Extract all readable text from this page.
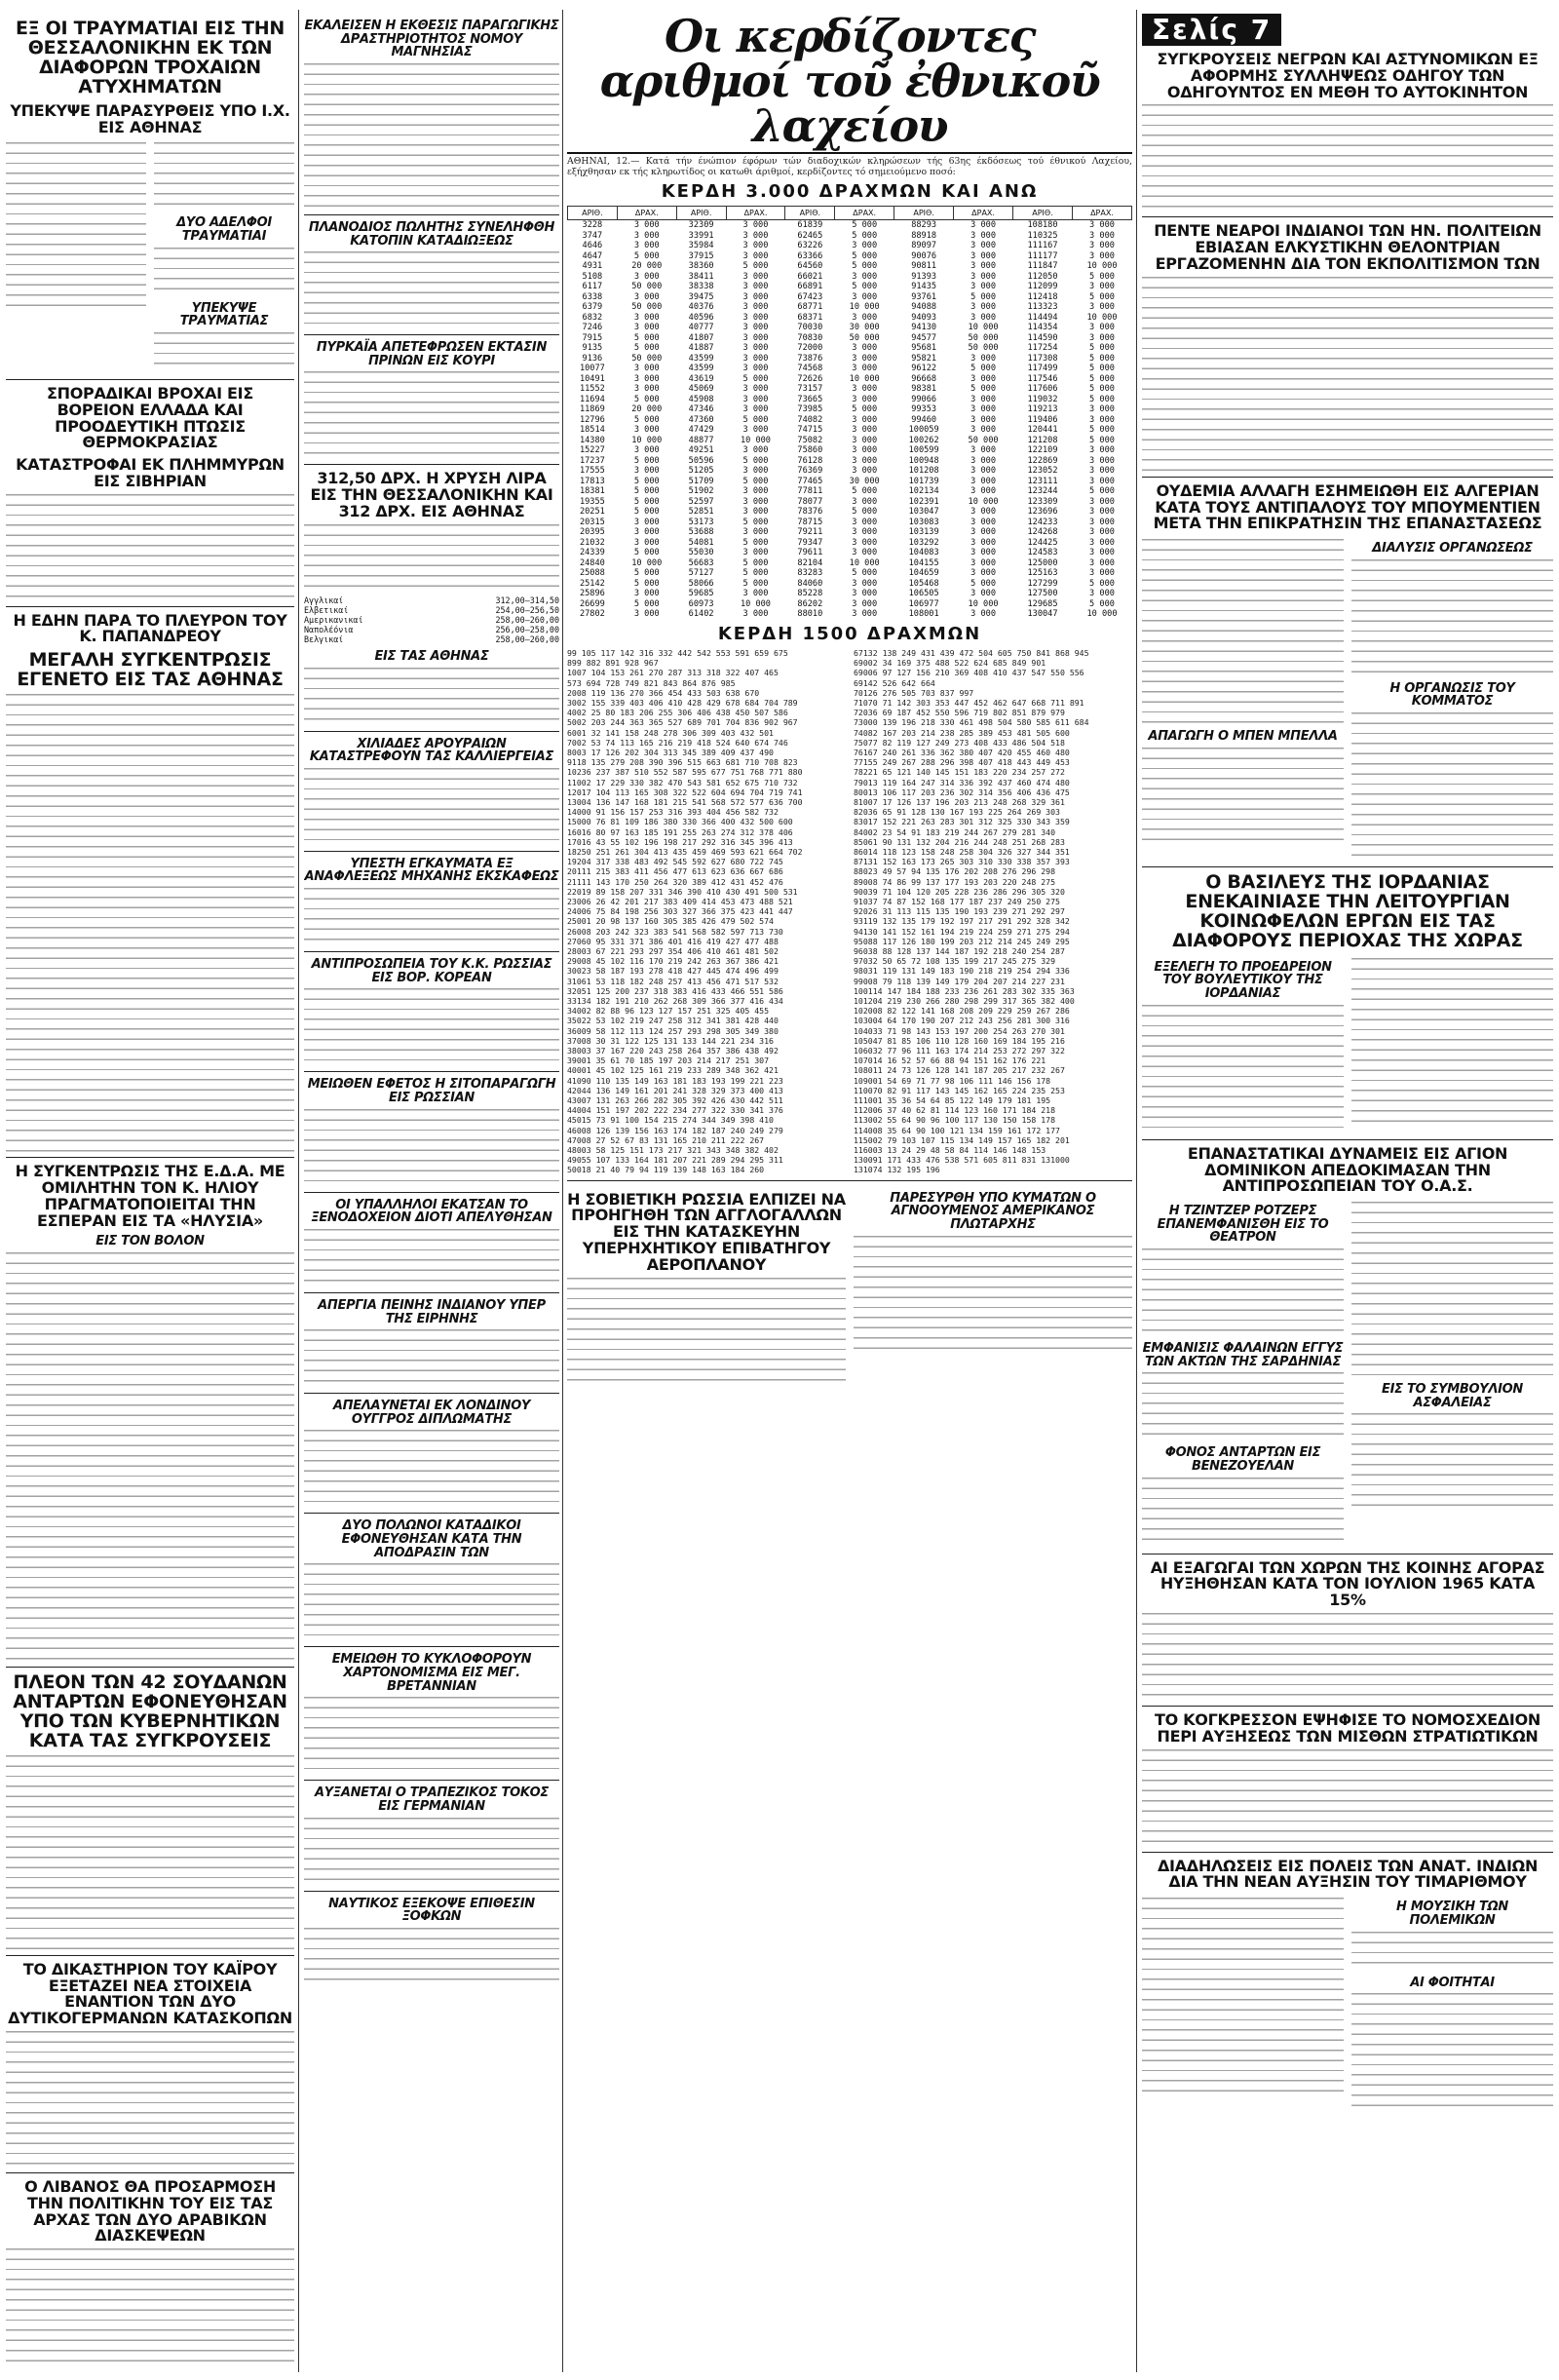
ΕΞ ΟΙ ΤΡΑΥΜΑΤΙΑΙ ΕΙΣ ΤΗΝ ΘΕΣΣΑΛΟΝΙΚΗΝ ΕΚ ΤΩΝ ΔΙΑΦΟΡΩΝ ΤΡΟΧΑΙΩΝ ΑΤΥΧΗΜΑΤΩΝ
ΥΠΕΚΥΨΕ ΠΑΡΑΣΥΡΘΕΙΣ ΥΠΟ Ι.Χ. ΕΙΣ ΑΘΗΝΑΣ
ΔΥΟ ΑΔΕΛΦΟΙ ΤΡΑΥΜΑΤΙΑΙ
ΥΠΕΚΥΨΕ ΤΡΑΥΜΑΤΙΑΣ
ΣΠΟΡΑΔΙΚΑΙ ΒΡΟΧΑΙ ΕΙΣ ΒΟΡΕΙΟΝ ΕΛΛΑΔΑ ΚΑΙ ΠΡΟΟΔΕΥΤΙΚΗ ΠΤΩΣΙΣ ΘΕΡΜΟΚΡΑΣΙΑΣ
ΚΑΤΑΣΤΡΟΦΑΙ ΕΚ ΠΛΗΜΜΥΡΩΝ ΕΙΣ ΣΙΒΗΡΙΑΝ
Η ΕΔΗΝ ΠΑΡΑ ΤΟ ΠΛΕΥΡΟΝ ΤΟΥ Κ. ΠΑΠΑΝΔΡΕΟΥ
ΜΕΓΑΛΗ ΣΥΓΚΕΝΤΡΩΣΙΣ ΕΓΕΝΕΤΟ ΕΙΣ ΤΑΣ ΑΘΗΝΑΣ
Η ΣΥΓΚΕΝΤΡΩΣΙΣ ΤΗΣ Ε.Δ.Α. ΜΕ ΟΜΙΛΗΤΗΝ ΤΟΝ Κ. ΗΛΙΟΥ ΠΡΑΓΜΑΤΟΠΟΙΕΙΤΑΙ ΤΗΝ ΕΣΠΕΡΑΝ ΕΙΣ ΤΑ «ΗΛΥΣΙΑ»
ΕΙΣ ΤΟΝ ΒΟΛΟΝ
ΠΛΕΟΝ ΤΩΝ 42 ΣΟΥΔΑΝΩΝ ΑΝΤΑΡΤΩΝ ΕΦΟΝΕΥΘΗΣΑΝ ΥΠΟ ΤΩΝ ΚΥΒΕΡΝΗΤΙΚΩΝ ΚΑΤΑ ΤΑΣ ΣΥΓΚΡΟΥΣΕΙΣ
ΤΟ ΔΙΚΑΣΤΗΡΙΟΝ ΤΟΥ ΚΑΪΡΟΥ ΕΞΕΤΑΖΕΙ ΝΕΑ ΣΤΟΙΧΕΙΑ ΕΝΑΝΤΙΟΝ ΤΩΝ ΔΥΟ ΔΥΤΙΚΟΓΕΡΜΑΝΩΝ ΚΑΤΑΣΚΟΠΩΝ
Ο ΛΙΒΑΝΟΣ ΘΑ ΠΡΟΣΑΡΜΟΣΗ ΤΗΝ ΠΟΛΙΤΙΚΗΝ ΤΟΥ ΕΙΣ ΤΑΣ ΑΡΧΑΣ ΤΩΝ ΔΥΟ ΑΡΑΒΙΚΩΝ ΔΙΑΣΚΕΨΕΩΝ
ΕΚΑΛΕΙΣΕΝ Η ΕΚΘΕΣΙΣ ΠΑΡΑΓΩΓΙΚΗΣ ΔΡΑΣΤΗΡΙΟΤΗΤΟΣ ΝΟΜΟΥ ΜΑΓΝΗΣΙΑΣ
ΠΛΑΝΟΔΙΟΣ ΠΩΛΗΤΗΣ ΣΥΝΕΛΗΦΘΗ ΚΑΤΟΠΙΝ ΚΑΤΑΔΙΩΞΕΩΣ
ΠΥΡΚΑΪΑ ΑΠΕΤΕΦΡΩΣΕΝ ΕΚΤΑΣΙΝ ΠΡΙΝΩΝ ΕΙΣ ΚΟΥΡΙ
312,50 ΔΡΧ. Η ΧΡΥΣΗ ΛΙΡΑ ΕΙΣ ΤΗΝ ΘΕΣΣΑΛΟΝΙΚΗΝ ΚΑΙ 312 ΔΡΧ. ΕΙΣ ΑΘΗΝΑΣ
Αγγλικαί	312,00—314,50
Ελβετικαί	254,00—256,50
Αμερικανικαί	258,00—260,00
Ναπολέόνια	256,00—258,00
Βελγικαί	258,00—260,00
ΕΙΣ ΤΑΣ ΑΘΗΝΑΣ
ΧΙΛΙΑΔΕΣ ΑΡΟΥΡΑΙΩΝ ΚΑΤΑΣΤΡΕΦΟΥΝ ΤΑΣ ΚΑΛΛΙΕΡΓΕΙΑΣ
ΥΠΕΣΤΗ ΕΓΚΑΥΜΑΤΑ ΕΞ ΑΝΑΦΛΕΞΕΩΣ ΜΗΧΑΝΗΣ ΕΚΣΚΑΦΕΩΣ
ΑΝΤΙΠΡΟΣΩΠΕΙΑ ΤΟΥ Κ.Κ. ΡΩΣΣΙΑΣ ΕΙΣ ΒΟΡ. ΚΟΡΕΑΝ
ΜΕΙΩΘΕΝ ΕΦΕΤΟΣ Η ΣΙΤΟΠΑΡΑΓΩΓΗ ΕΙΣ ΡΩΣΣΙΑΝ
ΟΙ ΥΠΑΛΛΗΛΟΙ ΕΚΑΤΣΑΝ ΤΟ ΞΕΝΟΔΟΧΕΙΟΝ ΔΙΟΤΙ ΑΠΕΛΥΘΗΣΑΝ
ΑΠΕΡΓΙΑ ΠΕΙΝΗΣ ΙΝΔΙΑΝΟΥ ΥΠΕΡ ΤΗΣ ΕΙΡΗΝΗΣ
ΑΠΕΛΑΥΝΕΤΑΙ ΕΚ ΛΟΝΔΙΝΟΥ ΟΥΓΓΡΟΣ ΔΙΠΛΩΜΑΤΗΣ
ΔΥΟ ΠΟΛΩΝΟΙ ΚΑΤΑΔΙΚΟΙ ΕΦΟΝΕΥΘΗΣΑΝ ΚΑΤΑ ΤΗΝ ΑΠΟΔΡΑΣΙΝ ΤΩΝ
ΕΜΕΙΩΘΗ ΤΟ ΚΥΚΛΟΦΟΡΟΥΝ ΧΑΡΤΟΝΟΜΙΣΜΑ ΕΙΣ ΜΕΓ. ΒΡΕΤΑΝΝΙΑΝ
ΑΥΞΑΝΕΤΑΙ Ο ΤΡΑΠΕΖΙΚΟΣ ΤΟΚΟΣ ΕΙΣ ΓΕΡΜΑΝΙΑΝ
ΝΑΥΤΙΚΟΣ ΕΞΕΚΟΨΕ ΕΠΙΘΕΣΙΝ ΞΟΦΚΩΝ
Οι κερδίζοντες αριθμοί τοῦ ἐθνικοῦ λαχείου
ΑΘΗΝΑΙ, 12.— Κατά τήν ένώπιον έφόρων τών διαδοχικών κληρώσεων τής 63ης έκδόσεως τού έθνικού Λαχείου, εξήχθησαν εκ τής κληρωτίδος οι κατωθι άριθμοί, κερδίζοντες τό σημειούμενο ποσό:
ΚΕΡΔΗ 3.000 ΔΡΑΧΜΩΝ ΚΑΙ ΑΝΩ
ΑΡΙΘ.	ΔΡΑΧ.	ΑΡΙΘ.	ΔΡΑΧ.	ΑΡΙΘ.	ΔΡΑΧ.	ΑΡΙΘ.	ΔΡΑΧ.	ΑΡΙΘ.	ΔΡΑΧ.
3228	3 000	32309	3 000	61839	5 000	88293	3 000	108180	3 000
3747	3 000	33991	3 000	62465	5 000	88918	3 000	110325	3 000
4646	3 000	35984	3 000	63226	3 000	89097	3 000	111167	3 000
4647	5 000	37915	3 000	63366	5 000	90076	3 000	111177	3 000
4931	20 000	38360	5 000	64560	5 000	90811	3 000	111847	10 000
5108	3 000	38411	3 000	66021	3 000	91393	3 000	112050	5 000
6117	50 000	38338	3 000	66891	5 000	91435	3 000	112099	3 000
6338	3 000	39475	3 000	67423	3 000	93761	5 000	112418	5 000
6379	50 000	40376	3 000	68771	10 000	94088	3 000	113323	3 000
6832	3 000	40596	3 000	68371	3 000	94093	3 000	114494	10 000
7246	3 000	40777	3 000	70030	30 000	94130	10 000	114354	3 000
7915	5 000	41807	3 000	70830	50 000	94577	50 000	114590	3 000
9135	5 000	41887	3 000	72000	3 000	95681	50 000	117254	5 000
9136	50 000	43599	3 000	73876	3 000	95821	3 000	117308	5 000
10077	3 000	43599	3 000	74568	3 000	96122	5 000	117499	5 000
10491	3 000	43619	5 000	72626	10 000	96668	3 000	117546	5 000
11552	3 000	45069	3 000	73157	3 000	98381	5 000	117606	5 000
11694	5 000	45908	3 000	73665	3 000	99066	3 000	119032	5 000
11869	20 000	47346	3 000	73985	5 000	99353	3 000	119213	3 000
12796	5 000	47360	5 000	74082	3 000	99460	3 000	119406	3 000
18514	3 000	47429	3 000	74715	3 000	100059	3 000	120441	5 000
14380	10 000	48877	10 000	75082	3 000	100262	50 000	121208	5 000
15227	3 000	49251	3 000	75860	3 000	100599	3 000	122109	3 000
17237	5 000	50596	5 000	76128	3 000	100948	3 000	122869	3 000
17555	3 000	51205	3 000	76369	3 000	101208	3 000	123052	3 000
17813	5 000	51709	5 000	77465	30 000	101739	3 000	123111	3 000
18381	5 000	51902	3 000	77811	5 000	102134	3 000	123244	5 000
19355	5 000	52597	3 000	78077	3 000	102391	10 000	123309	3 000
20251	5 000	52851	3 000	78376	5 000	103047	3 000	123696	3 000
20315	3 000	53173	5 000	78715	3 000	103083	3 000	124233	3 000
20395	3 000	53688	3 000	79211	3 000	103139	3 000	124268	3 000
21032	3 000	54081	5 000	79347	3 000	103292	3 000	124425	3 000
24339	5 000	55030	3 000	79611	3 000	104083	3 000	124583	3 000
24840	10 000	56683	5 000	82104	10 000	104155	3 000	125000	3 000
25088	5 000	57127	5 000	83283	5 000	104659	3 000	125163	3 000
25142	5 000	58066	5 000	84060	3 000	105468	5 000	127299	5 000
25896	3 000	59685	3 000	85228	3 000	106505	3 000	127500	3 000
26699	5 000	60973	10 000	86202	3 000	106977	10 000	129685	5 000
27802	3 000	61402	3 000	88010	3 000	108001	3 000	130047	10 000
ΚΕΡΔΗ 1500 ΔΡΑΧΜΩΝ
99 105 117 142 316 332 442 542 553 591 659 675
899 882 891 928 967
1007 104 153 261 270 287 313 318 322 407 465
573 694 728 749 821 843 864 876 985
2008 119 136 270 366 454 433 503 638 670
3002 155 339 403 406 410 428 429 678 684 704 789
4002 25 80 183 206 255 306 406 438 450 507 586
5002 203 244 363 365 527 689 701 704 836 902 967
6001 32 141 158 248 278 306 309 403 432 501
7002 53 74 113 165 216 219 418 524 640 674 746
8003 17 126 202 304 313 345 389 409 437 490
9118 135 279 208 390 396 515 663 681 710 708 823
10236 237 387 510 552 587 595 677 751 768 771 880
11002 17 229 330 382 470 543 581 652 675 710 732
12017 104 113 165 308 322 522 604 694 704 719 741
13004 136 147 168 181 215 541 568 572 577 636 700
14000 91 156 157 253 316 393 404 456 582 732
15000 76 81 109 186 380 330 366 400 432 500 600
16016 80 97 163 185 191 255 263 274 312 378 406
17016 43 55 102 196 198 217 292 316 345 396 413
18250 251 261 304 413 435 459 469 593 621 664 702
19204 317 338 483 492 545 592 627 680 722 745
20111 215 383 411 456 477 613 623 636 667 686
21111 143 170 250 264 320 389 412 431 452 476
22019 89 158 207 331 346 390 410 430 491 500 531
23006 26 42 201 217 383 409 414 453 473 488 521
24006 75 84 198 256 303 327 366 375 423 441 447
25001 20 98 137 160 305 385 426 479 502 574
26008 203 242 323 383 541 568 582 597 713 730
27060 95 331 371 386 401 416 419 427 477 488
28003 67 221 293 297 354 406 410 461 481 502
29008 45 102 116 170 219 242 263 367 386 421
30023 58 187 193 278 418 427 445 474 496 499
31061 53 118 182 248 257 413 456 471 517 532
32051 125 200 237 318 383 416 433 466 551 586
33134 182 191 210 262 268 309 366 377 416 434
34002 82 88 96 123 127 157 251 325 405 455
35022 53 102 219 247 258 312 341 381 428 440
36009 58 112 113 124 257 293 298 305 349 380
37008 30 31 122 125 131 133 144 221 234 316
38003 37 167 220 243 258 264 357 386 438 492
39001 35 61 70 185 197 203 214 217 251 307
40001 45 102 125 161 219 233 289 348 362 421
41090 110 135 149 163 181 183 193 199 221 223
42044 136 149 161 201 241 328 329 373 400 413
43007 131 263 266 282 305 392 426 430 442 511
44004 151 197 202 222 234 277 322 330 341 376
45015 73 91 100 154 215 274 344 349 398 410
46008 126 139 156 163 174 182 187 240 249 279
47008 27 52 67 83 131 165 210 211 222 267
48003 58 125 151 173 217 321 343 348 382 402
49055 107 133 164 181 207 221 289 294 295 311
50018 21 40 79 94 119 139 148 163 184 260
67132 138 249 431 439 472 504 605 750 841 868 945
69002 34 169 375 488 522 624 685 849 901
69006 97 127 156 210 369 408 410 437 547 550 556
69142 526 642 664
70126 276 505 703 837 997
71070 71 142 303 353 447 452 462 647 668 711 891
72036 69 187 452 550 596 719 802 851 879 979
73000 139 196 218 330 461 498 504 580 585 611 684
74082 167 203 214 238 285 389 453 481 505 600
75077 82 119 127 249 273 408 433 486 504 518
76167 240 261 336 362 380 407 420 455 460 480
77155 249 267 288 296 398 407 418 443 449 453
78221 65 121 140 145 151 183 220 234 257 272
79013 119 164 247 314 336 392 437 460 474 480
80013 106 117 203 236 302 314 356 406 436 475
81007 17 126 137 196 203 213 248 268 329 361
82036 65 91 128 130 167 193 225 264 269 303
83017 152 221 263 283 301 312 325 330 343 359
84002 23 54 91 183 219 244 267 279 281 340
85061 90 131 132 204 216 244 248 251 268 283
86014 118 123 158 248 258 304 326 327 344 351
87131 152 163 173 265 303 310 330 338 357 393
88023 49 57 94 135 176 202 208 276 296 298
89008 74 86 99 137 177 193 203 220 248 275
90039 71 104 120 205 228 236 286 296 305 320
91037 74 87 152 168 177 187 237 249 250 275
92026 31 113 115 135 190 193 239 271 292 297
93119 132 135 179 192 197 217 291 292 328 342
94130 141 152 161 194 219 224 259 271 275 294
95088 117 126 180 199 203 212 214 245 249 295
96038 88 128 137 144 187 192 218 240 254 287
97032 50 65 72 108 135 199 217 245 275 329
98031 119 131 149 183 190 218 219 254 294 336
99008 79 118 139 149 179 204 207 214 227 231
100114 147 184 188 233 236 261 283 302 335 363
101204 219 230 266 280 298 299 317 365 382 400
102008 82 122 141 168 208 209 229 259 267 286
103004 64 170 190 207 212 243 256 281 300 316
104033 71 98 143 153 197 200 254 263 270 301
105047 81 85 106 110 128 160 169 184 195 216
106032 77 96 111 163 174 214 253 272 297 322
107014 16 52 57 66 88 94 151 162 176 221
108011 24 73 126 128 141 187 205 217 232 267
109001 54 69 71 77 98 106 111 146 156 178
110070 82 91 117 143 145 162 165 224 235 253
111001 35 36 54 64 85 122 149 179 181 195
112006 37 40 62 81 114 123 160 171 184 218
113002 55 64 90 96 100 117 130 150 158 178
114008 35 64 90 100 121 134 159 161 172 177
115002 79 103 107 115 134 149 157 165 182 201
116003 13 24 29 48 58 84 114 146 148 153
130091 171 433 476 538 571 605 811 831 131000
131074 132 195 196
Η ΣΟΒΙΕΤΙΚΗ ΡΩΣΣΙΑ ΕΛΠΙΖΕΙ ΝΑ ΠΡΟΗΓΗΘΗ ΤΩΝ ΑΓΓΛΟΓΑΛΛΩΝ ΕΙΣ ΤΗΝ ΚΑΤΑΣΚΕΥΗΝ ΥΠΕΡΗΧΗΤΙΚΟΥ ΕΠΙΒΑΤΗΓΟΥ ΑΕΡΟΠΛΑΝΟΥ
ΠΑΡΕΣΥΡΘΗ ΥΠΟ ΚΥΜΑΤΩΝ Ο ΑΓΝΟΟΥΜΕΝΟΣ ΑΜΕΡΙΚΑΝΟΣ ΠΛΩΤΑΡΧΗΣ
Σελίς 7
ΣΥΓΚΡΟΥΣΕΙΣ ΝΕΓΡΩΝ ΚΑΙ ΑΣΤΥΝΟΜΙΚΩΝ ΕΞ ΑΦΟΡΜΗΣ ΣΥΛΛΗΨΕΩΣ ΟΔΗΓΟΥ ΤΩΝ ΟΔΗΓΟΥΝΤΟΣ ΕΝ ΜΕΘΗ ΤΟ ΑΥΤΟΚΙΝΗΤΟΝ
ΠΕΝΤΕ ΝΕΑΡΟΙ ΙΝΔΙΑΝΟΙ ΤΩΝ ΗΝ. ΠΟΛΙΤΕΙΩΝ ΕΒΙΑΣΑΝ ΕΛΚΥΣΤΙΚΗΝ ΘΕΛΟΝΤΡΙΑΝ ΕΡΓΑΖΟΜΕΝΗΝ ΔΙΑ ΤΟΝ ΕΚΠΟΛΙΤΙΣΜΟΝ ΤΩΝ
ΟΥΔΕΜΙΑ ΑΛΛΑΓΗ ΕΣΗΜΕΙΩΘΗ ΕΙΣ ΑΛΓΕΡΙΑΝ ΚΑΤΑ ΤΟΥΣ ΑΝΤΙΠΑΛΟΥΣ ΤΟΥ ΜΠΟΥΜΕΝΤΙΕΝ ΜΕΤΑ ΤΗΝ ΕΠΙΚΡΑΤΗΣΙΝ ΤΗΣ ΕΠΑΝΑΣΤΑΣΕΩΣ
ΑΠΑΓΩΓΗ Ο ΜΠΕΝ ΜΠΕΛΛΑ
ΔΙΑΛΥΣΙΣ ΟΡΓΑΝΩΣΕΩΣ
Η ΟΡΓΑΝΩΣΙΣ ΤΟΥ ΚΟΜΜΑΤΟΣ
Ο ΒΑΣΙΛΕΥΣ ΤΗΣ ΙΟΡΔΑΝΙΑΣ ΕΝΕΚΑΙΝΙΑΣΕ ΤΗΝ ΛΕΙΤΟΥΡΓΙΑΝ ΚΟΙΝΩΦΕΛΩΝ ΕΡΓΩΝ ΕΙΣ ΤΑΣ ΔΙΑΦΟΡΟΥΣ ΠΕΡΙΟΧΑΣ ΤΗΣ ΧΩΡΑΣ
ΕΞΕΛΕΓΗ ΤΟ ΠΡΟΕΔΡΕΙΟΝ ΤΟΥ ΒΟΥΛΕΥΤΙΚΟΥ ΤΗΣ ΙΟΡΔΑΝΙΑΣ
ΕΠΑΝΑΣΤΑΤΙΚΑΙ ΔΥΝΑΜΕΙΣ ΕΙΣ ΑΓΙΟΝ ΔΟΜΙΝΙΚΟΝ ΑΠΕΔΟΚΙΜΑΣΑΝ ΤΗΝ ΑΝΤΙΠΡΟΣΩΠΕΙΑΝ ΤΟΥ Ο.Α.Σ.
Η ΤΖΙΝΤΖΕΡ ΡΟΤΖΕΡΣ ΕΠΑΝΕΜΦΑΝΙΣΘΗ ΕΙΣ ΤΟ ΘΕΑΤΡΟΝ
ΕΜΦΑΝΙΣΙΣ ΦΑΛΑΙΝΩΝ ΕΓΓΥΣ ΤΩΝ ΑΚΤΩΝ ΤΗΣ ΣΑΡΔΗΝΙΑΣ
ΦΟΝΟΣ ΑΝΤΑΡΤΩΝ ΕΙΣ ΒΕΝΕΖΟΥΕΛΑΝ
ΕΙΣ ΤΟ ΣΥΜΒΟΥΛΙΟΝ ΑΣΦΑΛΕΙΑΣ
ΑΙ ΕΞΑΓΩΓΑΙ ΤΩΝ ΧΩΡΩΝ ΤΗΣ ΚΟΙΝΗΣ ΑΓΟΡΑΣ ΗΥΞΗΘΗΣΑΝ ΚΑΤΑ ΤΟΝ ΙΟΥΛΙΟΝ 1965 ΚΑΤΑ 15%
ΤΟ ΚΟΓΚΡΕΣΣΟΝ ΕΨΗΦΙΣΕ ΤΟ ΝΟΜΟΣΧΕΔΙΟΝ ΠΕΡΙ ΑΥΞΗΣΕΩΣ ΤΩΝ ΜΙΣΘΩΝ ΣΤΡΑΤΙΩΤΙΚΩΝ
ΔΙΑΔΗΛΩΣΕΙΣ ΕΙΣ ΠΟΛΕΙΣ ΤΩΝ ΑΝΑΤ. ΙΝΔΙΩΝ ΔΙΑ ΤΗΝ ΝΕΑΝ ΑΥΞΗΣΙΝ ΤΟΥ ΤΙΜΑΡΙΘΜΟΥ
Η ΜΟΥΣΙΚΗ ΤΩΝ ΠΟΛΕΜΙΚΩΝ
ΑΙ ΦΟΙΤΗΤΑΙ
